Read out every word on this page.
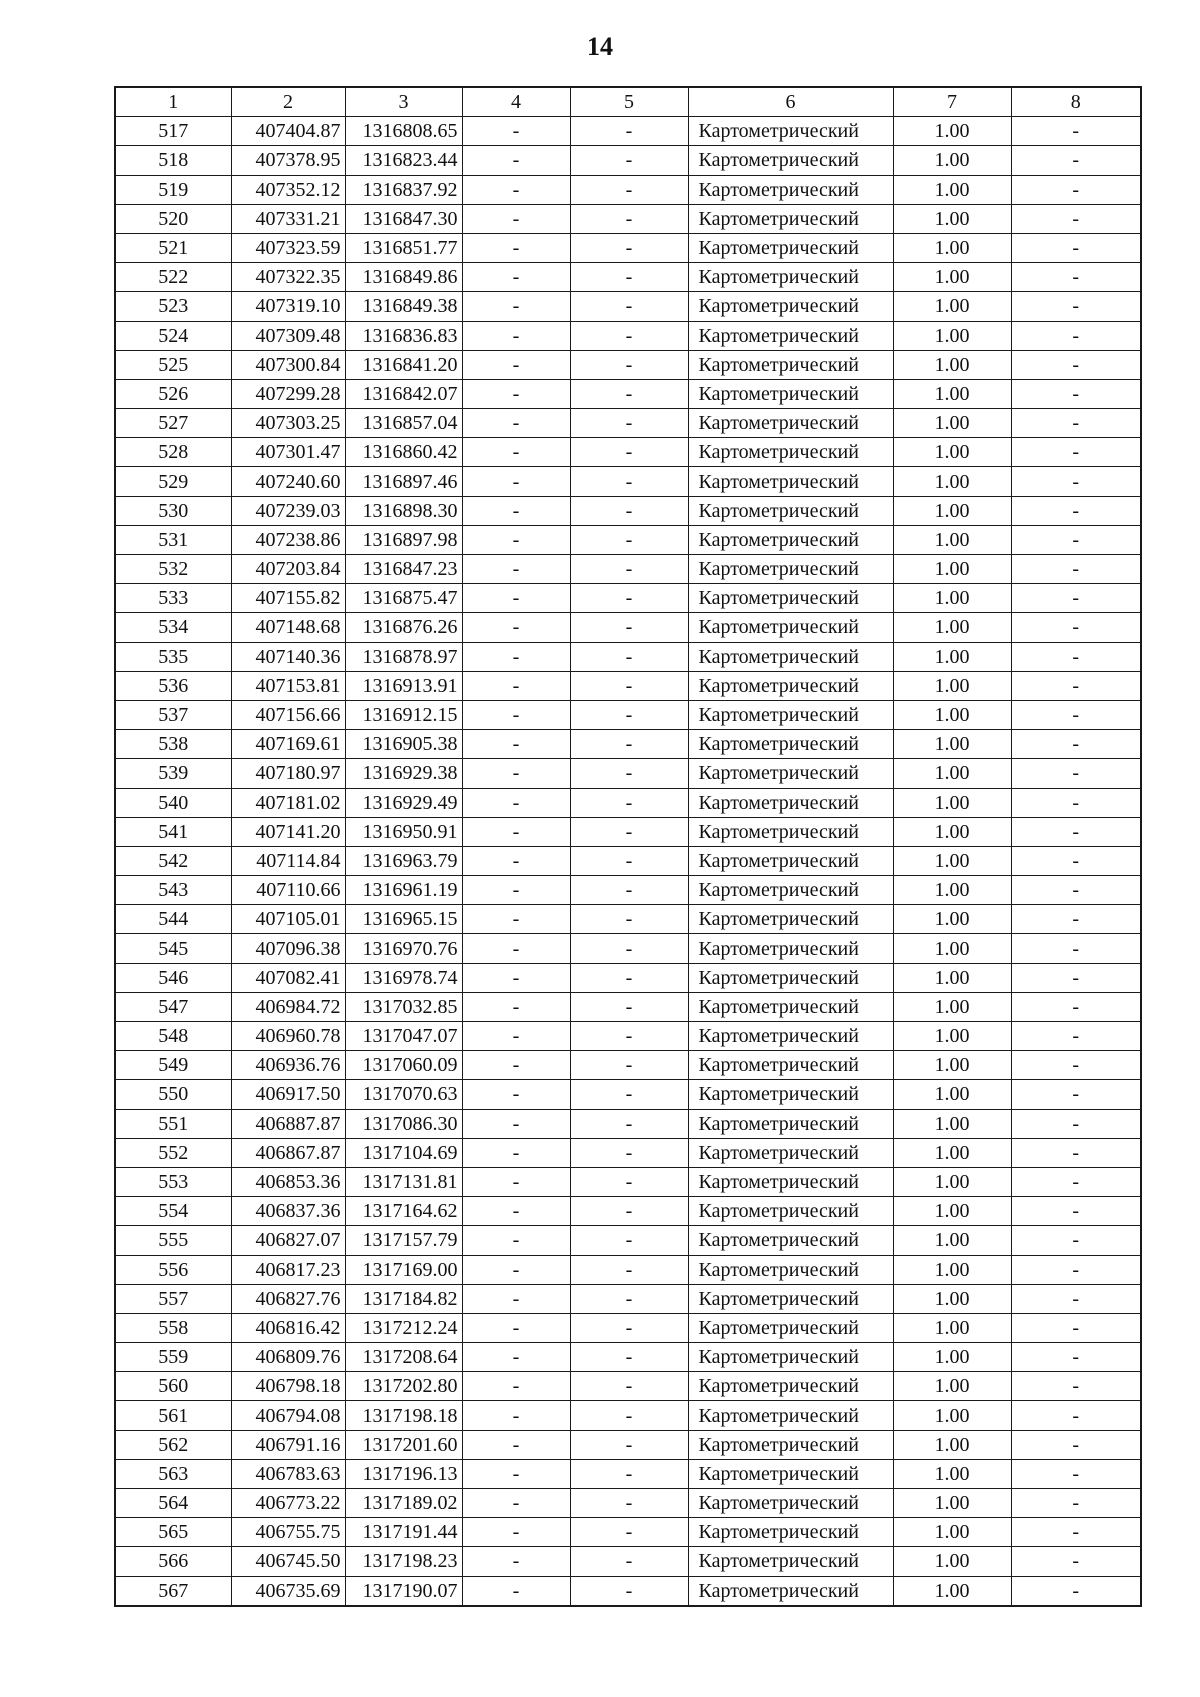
14
1	2	3	4	5	6	7	8
517	407404.87	1316808.65	-	-	Картометрический	1.00	-
518	407378.95	1316823.44	-	-	Картометрический	1.00	-
519	407352.12	1316837.92	-	-	Картометрический	1.00	-
520	407331.21	1316847.30	-	-	Картометрический	1.00	-
521	407323.59	1316851.77	-	-	Картометрический	1.00	-
522	407322.35	1316849.86	-	-	Картометрический	1.00	-
523	407319.10	1316849.38	-	-	Картометрический	1.00	-
524	407309.48	1316836.83	-	-	Картометрический	1.00	-
525	407300.84	1316841.20	-	-	Картометрический	1.00	-
526	407299.28	1316842.07	-	-	Картометрический	1.00	-
527	407303.25	1316857.04	-	-	Картометрический	1.00	-
528	407301.47	1316860.42	-	-	Картометрический	1.00	-
529	407240.60	1316897.46	-	-	Картометрический	1.00	-
530	407239.03	1316898.30	-	-	Картометрический	1.00	-
531	407238.86	1316897.98	-	-	Картометрический	1.00	-
532	407203.84	1316847.23	-	-	Картометрический	1.00	-
533	407155.82	1316875.47	-	-	Картометрический	1.00	-
534	407148.68	1316876.26	-	-	Картометрический	1.00	-
535	407140.36	1316878.97	-	-	Картометрический	1.00	-
536	407153.81	1316913.91	-	-	Картометрический	1.00	-
537	407156.66	1316912.15	-	-	Картометрический	1.00	-
538	407169.61	1316905.38	-	-	Картометрический	1.00	-
539	407180.97	1316929.38	-	-	Картометрический	1.00	-
540	407181.02	1316929.49	-	-	Картометрический	1.00	-
541	407141.20	1316950.91	-	-	Картометрический	1.00	-
542	407114.84	1316963.79	-	-	Картометрический	1.00	-
543	407110.66	1316961.19	-	-	Картометрический	1.00	-
544	407105.01	1316965.15	-	-	Картометрический	1.00	-
545	407096.38	1316970.76	-	-	Картометрический	1.00	-
546	407082.41	1316978.74	-	-	Картометрический	1.00	-
547	406984.72	1317032.85	-	-	Картометрический	1.00	-
548	406960.78	1317047.07	-	-	Картометрический	1.00	-
549	406936.76	1317060.09	-	-	Картометрический	1.00	-
550	406917.50	1317070.63	-	-	Картометрический	1.00	-
551	406887.87	1317086.30	-	-	Картометрический	1.00	-
552	406867.87	1317104.69	-	-	Картометрический	1.00	-
553	406853.36	1317131.81	-	-	Картометрический	1.00	-
554	406837.36	1317164.62	-	-	Картометрический	1.00	-
555	406827.07	1317157.79	-	-	Картометрический	1.00	-
556	406817.23	1317169.00	-	-	Картометрический	1.00	-
557	406827.76	1317184.82	-	-	Картометрический	1.00	-
558	406816.42	1317212.24	-	-	Картометрический	1.00	-
559	406809.76	1317208.64	-	-	Картометрический	1.00	-
560	406798.18	1317202.80	-	-	Картометрический	1.00	-
561	406794.08	1317198.18	-	-	Картометрический	1.00	-
562	406791.16	1317201.60	-	-	Картометрический	1.00	-
563	406783.63	1317196.13	-	-	Картометрический	1.00	-
564	406773.22	1317189.02	-	-	Картометрический	1.00	-
565	406755.75	1317191.44	-	-	Картометрический	1.00	-
566	406745.50	1317198.23	-	-	Картометрический	1.00	-
567	406735.69	1317190.07	-	-	Картометрический	1.00	-
